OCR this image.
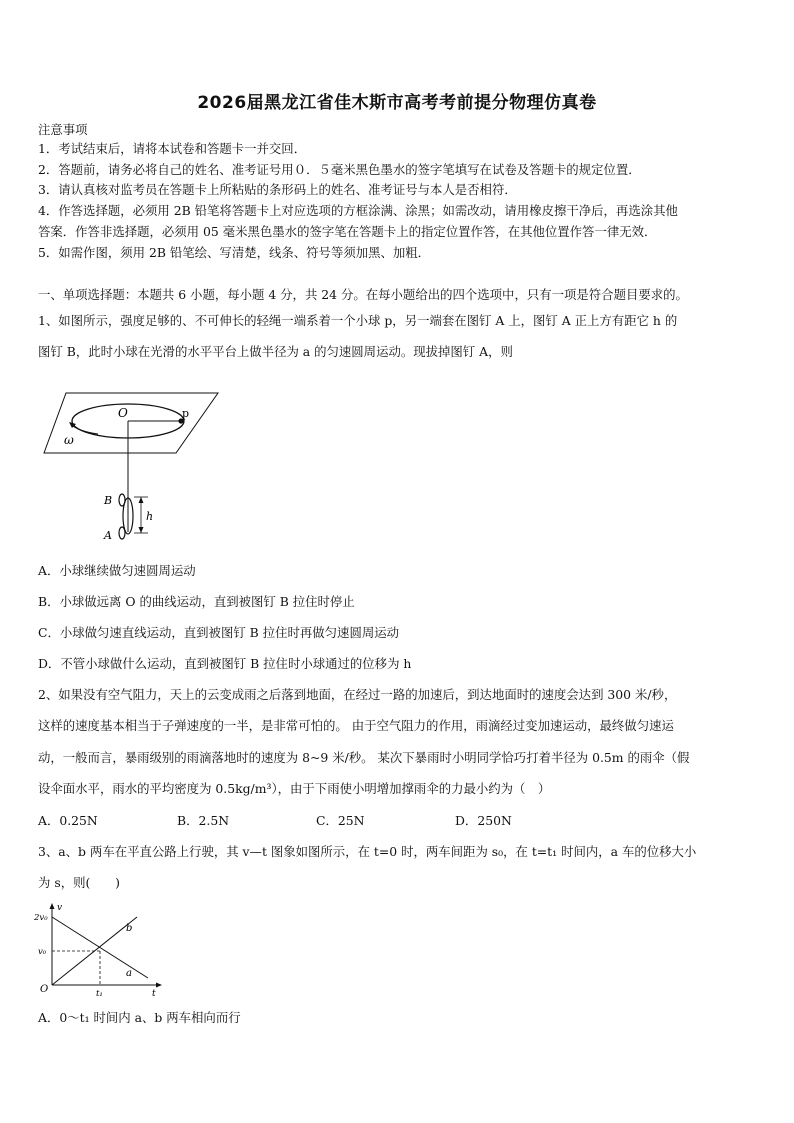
2026届黑龙江省佳木斯市高考考前提分物理仿真卷
注意事项
1．考试结束后，请将本试卷和答题卡一并交回．
2．答题前，请务必将自己的姓名、准考证号用０．５毫米黑色墨水的签字笔填写在试卷及答题卡的规定位置．
3．请认真核对监考员在答题卡上所粘贴的条形码上的姓名、准考证号与本人是否相符．
4．作答选择题，必须用 2B 铅笔将答题卡上对应选项的方框涂满、涂黑；如需改动，请用橡皮擦干净后，再选涂其他
答案．作答非选择题，必须用 05 毫米黑色墨水的签字笔在答题卡上的指定位置作答，在其他位置作答一律无效．
5．如需作图，须用 2B 铅笔绘、写清楚，线条、符号等须加黑、加粗．
一、单项选择题：本题共 6 小题，每小题 4 分，共 24 分。在每小题给出的四个选项中，只有一项是符合题目要求的。
1、如图所示，强度足够的、不可伸长的轻绳一端系着一个小球 p，另一端套在图钉 A 上，图钉 A 正上方有距它 h 的
图钉 B，此时小球在光滑的水平平台上做半径为 a 的匀速圆周运动。现拔掉图钉 A，则
O	p
ω
B
A
h
A．小球继续做匀速圆周运动
B．小球做远离 O 的曲线运动，直到被图钉 B 拉住时停止
C．小球做匀速直线运动，直到被图钉 B 拉住时再做匀速圆周运动
D．不管小球做什么运动，直到被图钉 B 拉住时小球通过的位移为 h
2、如果没有空气阻力，天上的云变成雨之后落到地面，在经过一路的加速后，到达地面时的速度会达到 300 米/秒，
这样的速度基本相当于子弹速度的一半，是非常可怕的。 由于空气阻力的作用，雨滴经过变加速运动，最终做匀速运
动，一般而言，暴雨级别的雨滴落地时的速度为 8~9 米/秒。 某次下暴雨时小明同学恰巧打着半径为 0.5m 的雨伞（假
设伞面水平，雨水的平均密度为 0.5kg/m³），由于下雨使小明增加撑雨伞的力最小约为（　）
A．0.25N	B．2.5N	C．25N	D．250N
3、a、b 两车在平直公路上行驶，其 v—t 图象如图所示，在 t=0 时，两车间距为 s₀，在 t=t₁ 时间内，a 车的位移大小
为 s，则(　　)
v
2v₀
v₀
O	t₁	t
a
b
A．0～t₁ 时间内 a、b 两车相向而行
